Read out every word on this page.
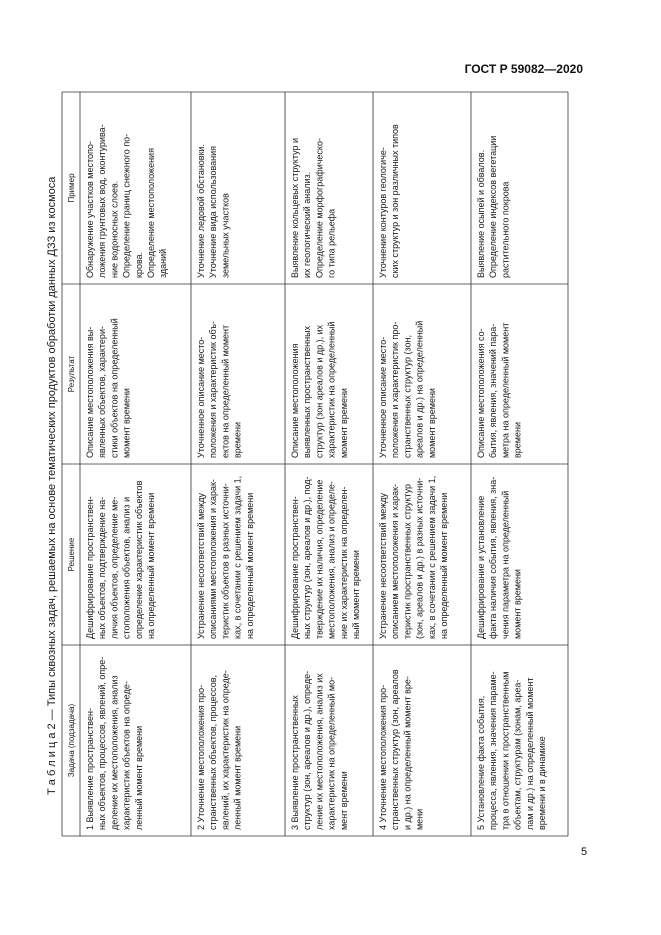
ГОСТ Р 59082—2020
Т а б л и ц а 2 — Типы сквозных задач, решаемых на основе тематических продуктов обработки данных ДЗЗ из космоса Задача (подзадача)
Решение
Результат
Пример
1 Выявление пространствен- ных объектов, процессов, явлений, опре- деление их местоположения, анализ характеристик объектов на опреде- ленный момент времени
Дешифрирование пространствен- ных объектов, подтверждение на- личия объектов, определение ме- стоположения объектов, анализ и определение характеристик объектов на определенный момент времени
Описание местоположения вы- явленных объектов, характери- стики объектов на определенный момент времени
Обнаружение участков местопо- ложения грунтовых вод, оконтурива- ние водоносных слоев. Определение границ снежного по- крова. Определение местоположения зданий
2 Уточнение местоположения про- странственных объектов, процессов, явлений, их характеристик на опреде- ленный момент времени
Устранение несоответствий между описаниями местоположения и харак- теристик объектов в разных источни- ках, в сочетании с решением задачи 1, на определенный момент времени
Уточненное описание место- положения и характеристик объ- ектов на определенный момент времени
Уточнение ледовой обстановки. Уточнение вида использования земельных участков
3 Выявление пространственных структур (зон, ареалов и др.), опреде- ление их местоположения, анализ их характеристик на определенный мо- мент времени
Дешифрирование пространствен- ных структур (зон, ареалов и др.), под- тверждение их наличия, определение местоположения, анализ и определе- ние их характеристик на определен- ный момент времени
Описание местоположения выявленных пространственных структур (зон ареалов и др.), их характеристик на определенный момент времени
Выявление кольцевых структур и их геологический анализ. Определение морфографическо- го типа рельефа
4 Уточнение местоположения про- странственных структур (зон, ареалов и др.) на определенный момент вре- мени
Устранение несоответствий между описанием местоположения и харак- теристик пространственных структур (зон, ареалов и др.) в разных источни- ках, в сочетании с решением задачи 1, на определенный момент времени
Уточненное описание место- положения и характеристик про- странственных структур (зон, ареалов и др.) на определенный момент времени
Уточнение контуров геологиче- ских структур и зон различных типов
5 Установление факта события, процесса, явления, значения параме- тра в отношении к пространственным объектам, структурам (зонам, ареа- лам и др.) на определенный момент времени и в динамике
Дешифрирование и установление факта наличия события, явления, зна- чения параметра на определенный момент времени
Описание местоположения со- бытия, явления, значений пара- метра на определенный момент времени
Выявление осыпей и обвалов. Определение индексов вегетации растительного покрова
5
